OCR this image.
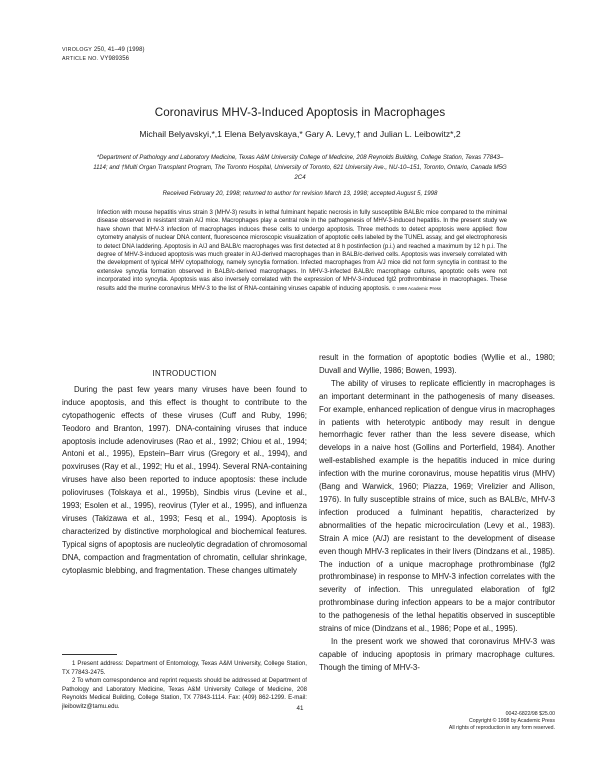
VIROLOGY 250, 41–49 (1998)
ARTICLE NO. VY989356
Coronavirus MHV-3-Induced Apoptosis in Macrophages
Michail Belyavskyi,*,1 Elena Belyavskaya,* Gary A. Levy,† and Julian L. Leibowitz*,2
*Department of Pathology and Laboratory Medicine, Texas A&M University College of Medicine, 208 Reynolds Building, College Station, Texas 77843–1114; and †Multi Organ Transplant Program, The Toronto Hospital, University of Toronto, 621 University Ave., NU-10–151, Toronto, Ontario, Canada M5G 2C4
Received February 20, 1998; returned to author for revision March 13, 1998; accepted August 5, 1998

Infection with mouse hepatitis virus strain 3 (MHV-3) results in lethal fulminant hepatic necrosis in fully susceptible BALB/c mice compared to the minimal disease observed in resistant strain A/J mice. Macrophages play a central role in the pathogenesis of MHV-3-induced hepatitis. In the present study we have shown that MHV-3 infection of macrophages induces these cells to undergo apoptosis. Three methods to detect apoptosis were applied: flow cytometry analysis of nuclear DNA content, fluorescence microscopic visualization of apoptotic cells labeled by the TUNEL assay, and gel electrophoresis to detect DNA laddering. Apoptosis in A/J and BALB/c macrophages was first detected at 8 h postinfection (p.i.) and reached a maximum by 12 h p.i. The degree of MHV-3-induced apoptosis was much greater in A/J-derived macrophages than in BALB/c-derived cells. Apoptosis was inversely correlated with the development of typical MHV cytopathology, namely syncytia formation. Infected macrophages from A/J mice did not form syncytia in contrast to the extensive syncytia formation observed in BALB/c-derived macrophages. In MHV-3-infected BALB/c macrophage cultures, apoptotic cells were not incorporated into syncytia. Apoptosis was also inversely correlated with the expression of MHV-3-induced fgl2 prothrombinase in macrophages. These results add the murine coronavirus MHV-3 to the list of RNA-containing viruses capable of inducing apoptosis. © 1998 Academic Press

INTRODUCTION

During the past few years many viruses have been found to induce apoptosis, and this effect is thought to contribute to the cytopathogenic effects of these viruses (Cuff and Ruby, 1996; Teodoro and Branton, 1997). DNA-containing viruses that induce apoptosis include adenoviruses (Rao et al., 1992; Chiou et al., 1994; Antoni et al., 1995), Epstein–Barr virus (Gregory et al., 1994), and poxviruses (Ray et al., 1992; Hu et al., 1994). Several RNA-containing viruses have also been reported to induce apoptosis: these include polioviruses (Tolskaya et al., 1995b), Sindbis virus (Levine et al., 1993; Esolen et al., 1995), reovirus (Tyler et al., 1995), and influenza viruses (Takizawa et al., 1993; Fesq et al., 1994). Apoptosis is characterized by distinctive morphological and biochemical features. Typical signs of apoptosis are nucleolytic degradation of chromosomal DNA, compaction and fragmentation of chromatin, cellular shrinkage, cytoplasmic blebbing, and fragmentation. These changes ultimately

result in the formation of apoptotic bodies (Wyllie et al., 1980; Duvall and Wyllie, 1986; Bowen, 1993).

The ability of viruses to replicate efficiently in macrophages is an important determinant in the pathogenesis of many diseases. For example, enhanced replication of dengue virus in macrophages in patients with heterotypic antibody may result in dengue hemorrhagic fever rather than the less severe disease, which develops in a naive host (Gollins and Porterfield, 1984). Another well-established example is the hepatitis induced in mice during infection with the murine coronavirus, mouse hepatitis virus (MHV) (Bang and Warwick, 1960; Piazza, 1969; Virelizier and Allison, 1976). In fully susceptible strains of mice, such as BALB/c, MHV-3 infection produced a fulminant hepatitis, characterized by abnormalities of the hepatic microcirculation (Levy et al., 1983). Strain A mice (A/J) are resistant to the development of disease even though MHV-3 replicates in their livers (Dindzans et al., 1985). The induction of a unique macrophage prothrombinase (fgl2 prothrombinase) in response to MHV-3 infection correlates with the severity of infection. This unregulated elaboration of fgl2 prothrombinase during infection appears to be a major contributor to the pathogenesis of the lethal hepatitis observed in susceptible strains of mice (Dindzans et al., 1986; Pope et al., 1995).

In the present work we showed that coronavirus MHV-3 was capable of inducing apoptosis in primary macrophage cultures. Though the timing of MHV-3-

1 Present address: Department of Entomology, Texas A&M University, College Station, TX 77843-2475.

2 To whom correspondence and reprint requests should be addressed at Department of Pathology and Laboratory Medicine, Texas A&M University College of Medicine, 208 Reynolds Medical Building, College Station, TX 77843-1114. Fax: (409) 862-1299. E-mail: jleibowitz@tamu.edu.	41
0042-6822/98 $25.00
Copyright © 1998 by Academic Press
All rights of reproduction in any form reserved.
